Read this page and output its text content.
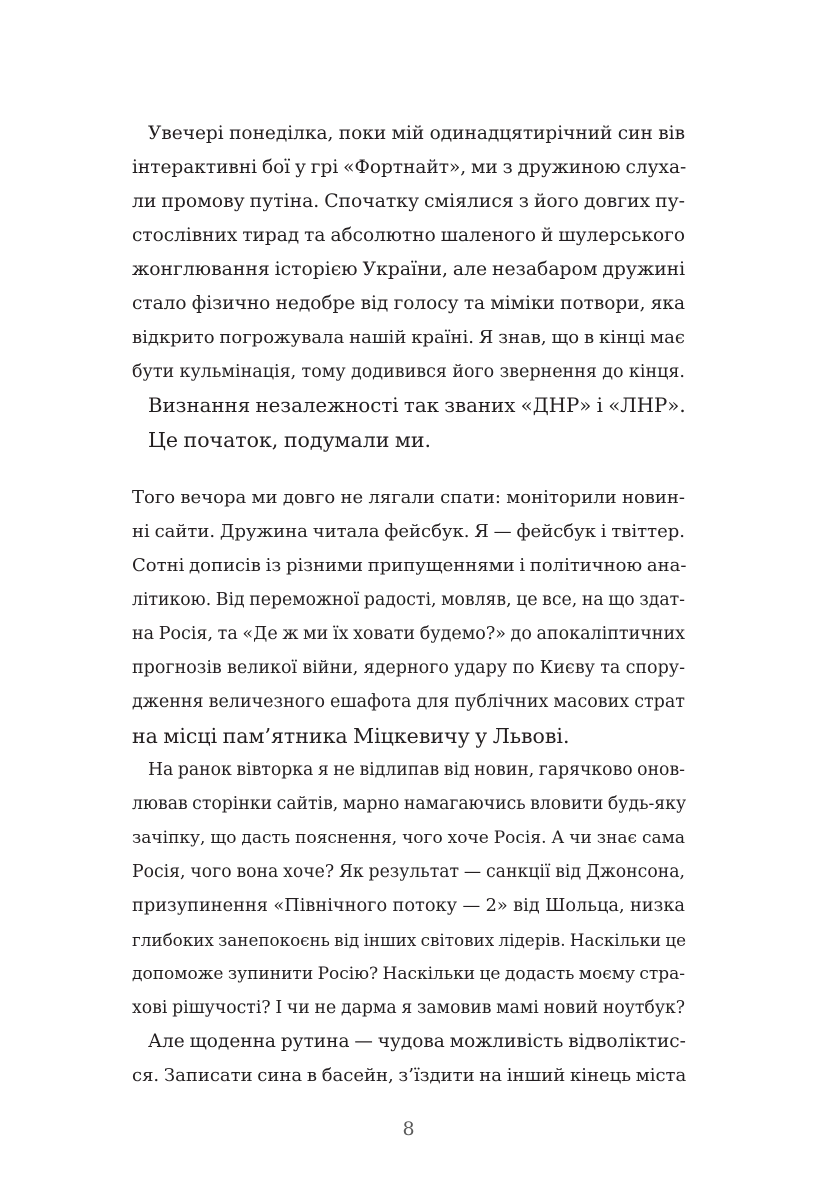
Увечері понеділка, поки мій одинадцятирічний син вів
інтерактивні бої у грі «Фортнайт», ми з дружиною слуха-
ли промову путіна. Спочатку сміялися з його довгих пу-
стослівних тирад та абсолютно шаленого й шулерського
жонглювання історією України, але незабаром дружині
стало фізично недобре від голосу та міміки потвори, яка
відкрито погрожувала нашій країні. Я знав, що в кінці має
бути кульмінація, тому додивився його звернення до кінця.
Визнання незалежності так званих «ДНР» і «ЛНР».
Це початок, подумали ми.
Того вечора ми довго не лягали спати: моніторили новин-
ні сайти. Дружина читала фейсбук. Я — фейсбук і твіттер.
Сотні дописів із різними припущеннями і політичною ана-
літикою. Від переможної радості, мовляв, це все, на що здат-
на Росія, та «Де ж ми їх ховати будемо?» до апокаліптичних
прогнозів великої війни, ядерного удару по Києву та спору-
дження величезного ешафота для публічних масових страт
на місці пам’ятника Міцкевичу у Львові.
На ранок вівторка я не відлипав від новин, гарячково онов-
лював сторінки сайтів, марно намагаючись вловити будь-яку
зачіпку, що дасть пояснення, чого хоче Росія. А чи знає сама
Росія, чого вона хоче? Як результат — санкції від Джонсона,
призупинення «Північного потоку — 2» від Шольца, низка
глибоких занепокоєнь від інших світових лідерів. Наскільки це
допоможе зупинити Росію? Наскільки це додасть моєму стра-
хові рішучості? І чи не дарма я замовив мамі новий ноутбук?
Але щоденна рутина — чудова можливість відволіктис-
ся. Записати сина в басейн, з’їздити на інший кінець міста
8
